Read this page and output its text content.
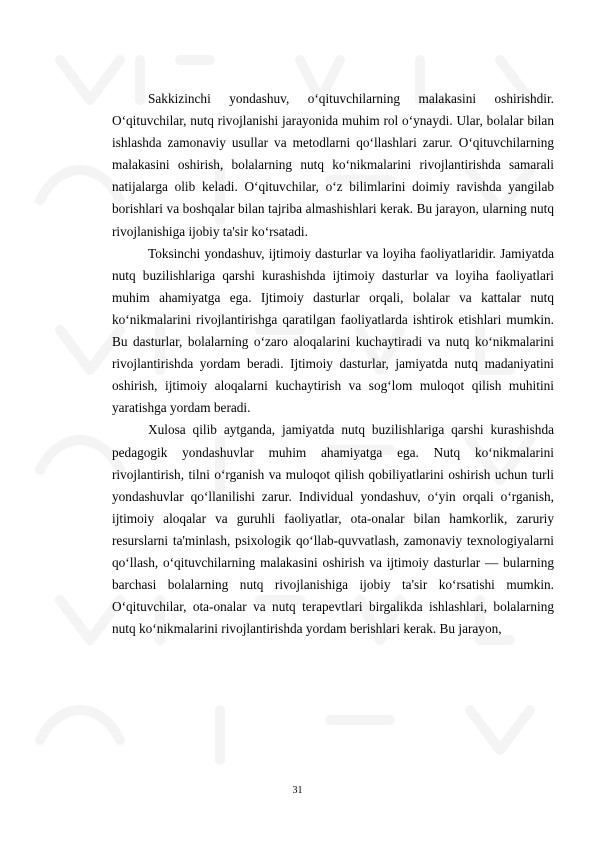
Sakkizinchi yondashuv, o‘qituvchilarning malakasini oshirishdir. O‘qituvchilar, nutq rivojlanishi jarayonida muhim rol o‘ynaydi. Ular, bolalar bilan ishlashda zamonaviy usullar va metodlarni qo‘llashlari zarur. O‘qituvchilarning malakasini oshirish, bolalarning nutq ko‘nikmalarini rivojlantirishda samarali natijalarga olib keladi. O‘qituvchilar, o‘z bilimlarini doimiy ravishda yangilab borishlari va boshqalar bilan tajriba almashishlari kerak. Bu jarayon, ularning nutq rivojlanishiga ijobiy ta'sir ko‘rsatadi.

Toksinchi yondashuv, ijtimoiy dasturlar va loyiha faoliyatlaridir. Jamiyatda nutq buzilishlariga qarshi kurashishda ijtimoiy dasturlar va loyiha faoliyatlari muhim ahamiyatga ega. Ijtimoiy dasturlar orqali, bolalar va kattalar nutq ko‘nikmalarini rivojlantirishga qaratilgan faoliyatlarda ishtirok etishlari mumkin. Bu dasturlar, bolalarning o‘zaro aloqalarini kuchaytiradi va nutq ko‘nikmalarini rivojlantirishda yordam beradi. Ijtimoiy dasturlar, jamiyatda nutq madaniyatini oshirish, ijtimoiy aloqalarni kuchaytirish va sog‘lom muloqot qilish muhitini yaratishga yordam beradi.

Xulosa qilib aytganda, jamiyatda nutq buzilishlariga qarshi kurashishda pedagogik yondashuvlar muhim ahamiyatga ega. Nutq ko‘nikmalarini rivojlantirish, tilni o‘rganish va muloqot qilish qobiliyatlarini oshirish uchun turli yondashuvlar qo‘llanilishi zarur. Individual yondashuv, o‘yin orqali o‘rganish, ijtimoiy aloqalar va guruhli faoliyatlar, ota-onalar bilan hamkorlik, zaruriy resurslarni ta'minlash, psixologik qo‘llab-quvvatlash, zamonaviy texnologiyalarni qo‘llash, o‘qituvchilarning malakasini oshirish va ijtimoiy dasturlar — bularning barchasi bolalarning nutq rivojlanishiga ijobiy ta'sir ko‘rsatishi mumkin. O‘qituvchilar, ota-onalar va nutq terapevtlari birgalikda ishlashlari, bolalarning nutq ko‘nikmalarini rivojlantirishda yordam berishlari kerak. Bu jarayon,

31
